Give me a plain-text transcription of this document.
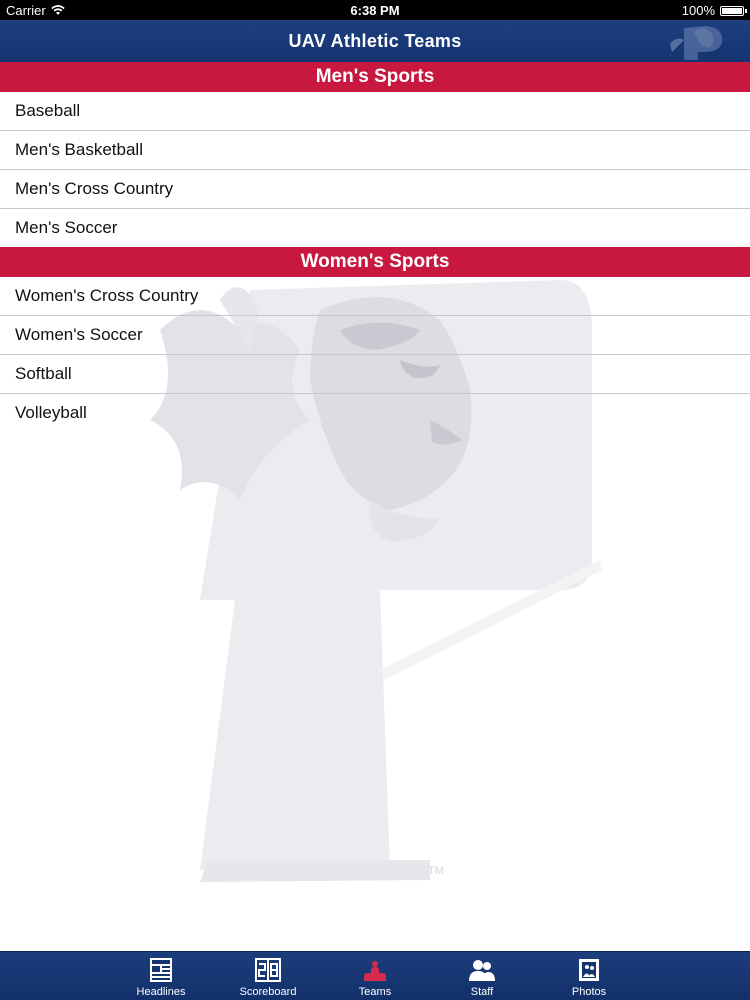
Carrier	6:38 PM	100%
UAV Athletic Teams
TM
Men's Sports
Baseball
Men's Basketball
Men's Cross Country
Men's Soccer
Women's Sports
Women's Cross Country
Women's Soccer
Softball
Volleyball
Headlines	Scoreboard	Teams	Staff	Photos
